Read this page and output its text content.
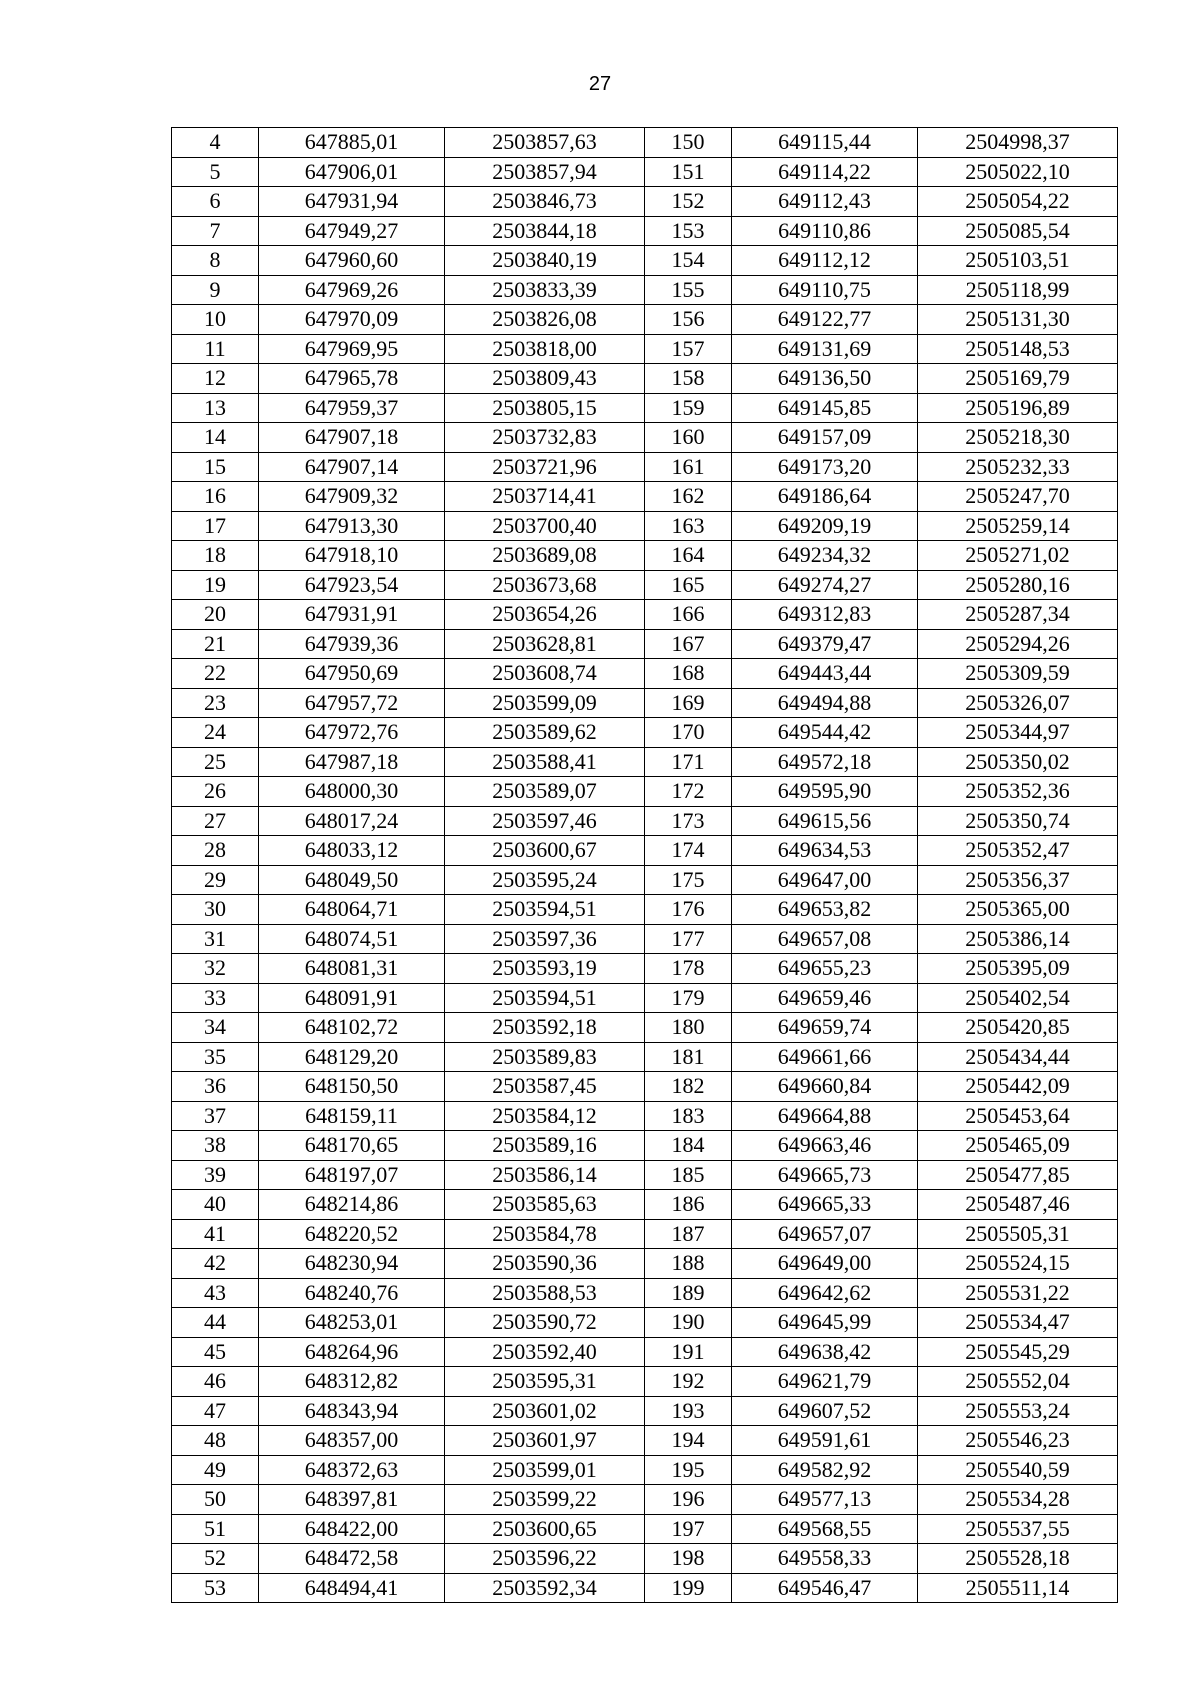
27
4	647885,01	2503857,63	150	649115,44	2504998,37
5	647906,01	2503857,94	151	649114,22	2505022,10
6	647931,94	2503846,73	152	649112,43	2505054,22
7	647949,27	2503844,18	153	649110,86	2505085,54
8	647960,60	2503840,19	154	649112,12	2505103,51
9	647969,26	2503833,39	155	649110,75	2505118,99
10	647970,09	2503826,08	156	649122,77	2505131,30
11	647969,95	2503818,00	157	649131,69	2505148,53
12	647965,78	2503809,43	158	649136,50	2505169,79
13	647959,37	2503805,15	159	649145,85	2505196,89
14	647907,18	2503732,83	160	649157,09	2505218,30
15	647907,14	2503721,96	161	649173,20	2505232,33
16	647909,32	2503714,41	162	649186,64	2505247,70
17	647913,30	2503700,40	163	649209,19	2505259,14
18	647918,10	2503689,08	164	649234,32	2505271,02
19	647923,54	2503673,68	165	649274,27	2505280,16
20	647931,91	2503654,26	166	649312,83	2505287,34
21	647939,36	2503628,81	167	649379,47	2505294,26
22	647950,69	2503608,74	168	649443,44	2505309,59
23	647957,72	2503599,09	169	649494,88	2505326,07
24	647972,76	2503589,62	170	649544,42	2505344,97
25	647987,18	2503588,41	171	649572,18	2505350,02
26	648000,30	2503589,07	172	649595,90	2505352,36
27	648017,24	2503597,46	173	649615,56	2505350,74
28	648033,12	2503600,67	174	649634,53	2505352,47
29	648049,50	2503595,24	175	649647,00	2505356,37
30	648064,71	2503594,51	176	649653,82	2505365,00
31	648074,51	2503597,36	177	649657,08	2505386,14
32	648081,31	2503593,19	178	649655,23	2505395,09
33	648091,91	2503594,51	179	649659,46	2505402,54
34	648102,72	2503592,18	180	649659,74	2505420,85
35	648129,20	2503589,83	181	649661,66	2505434,44
36	648150,50	2503587,45	182	649660,84	2505442,09
37	648159,11	2503584,12	183	649664,88	2505453,64
38	648170,65	2503589,16	184	649663,46	2505465,09
39	648197,07	2503586,14	185	649665,73	2505477,85
40	648214,86	2503585,63	186	649665,33	2505487,46
41	648220,52	2503584,78	187	649657,07	2505505,31
42	648230,94	2503590,36	188	649649,00	2505524,15
43	648240,76	2503588,53	189	649642,62	2505531,22
44	648253,01	2503590,72	190	649645,99	2505534,47
45	648264,96	2503592,40	191	649638,42	2505545,29
46	648312,82	2503595,31	192	649621,79	2505552,04
47	648343,94	2503601,02	193	649607,52	2505553,24
48	648357,00	2503601,97	194	649591,61	2505546,23
49	648372,63	2503599,01	195	649582,92	2505540,59
50	648397,81	2503599,22	196	649577,13	2505534,28
51	648422,00	2503600,65	197	649568,55	2505537,55
52	648472,58	2503596,22	198	649558,33	2505528,18
53	648494,41	2503592,34	199	649546,47	2505511,14
